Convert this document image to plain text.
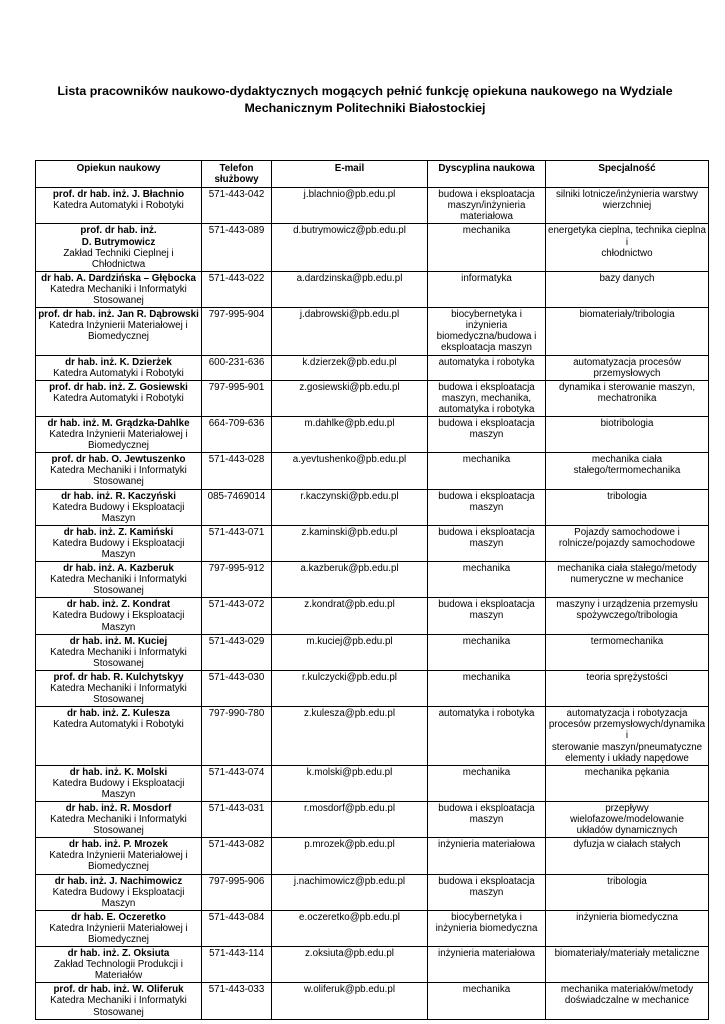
Lista pracowników naukowo-dydaktycznych mogących pełnić funkcję opiekuna naukowego na Wydziale
Mechanicznym Politechniki Białostockiej
Opiekun naukowy	Telefon służbowy	E-mail	Dyscyplina naukowa	Specjalność

prof. dr hab. inż. J. Błachnio
Katedra Automatyki i Robotyki	571-443-042	j.blachnio@pb.edu.pl	budowa i eksploatacja
maszyn/inżynieria
materiałowa	silniki lotnicze/inżynieria warstwy
wierzchniej

prof. dr hab. inż.
D. Butrymowicz
Zakład Techniki Cieplnej i Chłodnictwa	571-443-089	d.butrymowicz@pb.edu.pl	mechanika	energetyka cieplna, technika cieplna i
chłodnictwo

dr hab. A. Dardzińska – Głębocka
Katedra Mechaniki i Informatyki
Stosowanej	571-443-022	a.dardzinska@pb.edu.pl	informatyka	bazy danych

prof. dr hab. inż. Jan R. Dąbrowski
Katedra Inżynierii Materiałowej i
Biomedycznej	797-995-904	j.dabrowski@pb.edu.pl	biocybernetyka i
inżynieria
biomedyczna/budowa i
eksploatacja maszyn	biomateriały/tribologia

dr hab. inż. K. Dzierżek
Katedra Automatyki i Robotyki	600-231-636	k.dzierzek@pb.edu.pl	automatyka i robotyka	automatyzacja procesów
przemysłowych

prof. dr hab. inż. Z. Gosiewski
Katedra Automatyki i Robotyki	797-995-901	z.gosiewski@pb.edu.pl	budowa i eksploatacja
maszyn, mechanika,
automatyka i robotyka	dynamika i sterowanie maszyn,
mechatronika

dr hab. inż. M. Grądzka-Dahlke
Katedra Inżynierii Materiałowej i
Biomedycznej	664-709-636	m.dahlke@pb.edu.pl	budowa i eksploatacja
maszyn	biotribologia

prof. dr hab. O. Jewtuszenko
Katedra Mechaniki i Informatyki
Stosowanej	571-443-028	a.yevtushenko@pb.edu.pl	mechanika	mechanika ciała
stałego/termomechanika

dr hab. inż. R. Kaczyński
Katedra Budowy i Eksploatacji Maszyn	085-7469014	r.kaczynski@pb.edu.pl	budowa i eksploatacja
maszyn	tribologia

dr hab. inż. Z. Kamiński
Katedra Budowy i Eksploatacji Maszyn	571-443-071	z.kaminski@pb.edu.pl	budowa i eksploatacja
maszyn	Pojazdy samochodowe i
rolnicze/pojazdy samochodowe

dr hab. inż. A. Kazberuk
Katedra Mechaniki i Informatyki
Stosowanej	797-995-912	a.kazberuk@pb.edu.pl	mechanika	mechanika ciała stałego/metody
numeryczne w mechanice

dr hab. inż. Z. Kondrat
Katedra Budowy i Eksploatacji Maszyn	571-443-072	z.kondrat@pb.edu.pl	budowa i eksploatacja
maszyn	maszyny i urządzenia przemysłu
spożywczego/tribologia

dr hab. inż. M. Kuciej
Katedra Mechaniki i Informatyki
Stosowanej	571-443-029	m.kuciej@pb.edu.pl	mechanika	termomechanika

prof. dr hab. R. Kulchytskyy
Katedra Mechaniki i Informatyki
Stosowanej	571-443-030	r.kulczycki@pb.edu.pl	mechanika	teoria sprężystości

dr hab. inż. Z. Kulesza
Katedra Automatyki i Robotyki	797-990-780	z.kulesza@pb.edu.pl	automatyka i robotyka	automatyzacja i robotyzacja
procesów przemysłowych/dynamika i
sterowanie maszyn/pneumatyczne
elementy i układy napędowe

dr hab. inż. K. Molski
Katedra Budowy i Eksploatacji Maszyn	571-443-074	k.molski@pb.edu.pl	mechanika	mechanika pękania

dr hab. inż. R. Mosdorf
Katedra Mechaniki i Informatyki
Stosowanej	571-443-031	r.mosdorf@pb.edu.pl	budowa i eksploatacja
maszyn	przepływy wielofazowe/modelowanie
układów dynamicznych

dr hab. inż. P. Mrozek
Katedra Inżynierii Materiałowej i
Biomedycznej	571-443-082	p.mrozek@pb.edu.pl	inżynieria materiałowa	dyfuzja w ciałach stałych

dr hab. inż. J. Nachimowicz
Katedra Budowy i Eksploatacji Maszyn	797-995-906	j.nachimowicz@pb.edu.pl	budowa i eksploatacja
maszyn	tribologia

dr hab. E. Oczeretko
Katedra Inżynierii Materiałowej i
Biomedycznej	571-443-084	e.oczeretko@pb.edu.pl	biocybernetyka i
inżynieria biomedyczna	inżynieria biomedyczna

dr hab. inż. Z. Oksiuta
Zakład Technologii Produkcji i
Materiałów	571-443-114	z.oksiuta@pb.edu.pl	inżynieria materiałowa	biomateriały/materiały metaliczne

prof. dr hab. inż. W. Oliferuk
Katedra Mechaniki i Informatyki
Stosowanej	571-443-033	w.oliferuk@pb.edu.pl	mechanika	mechanika materiałów/metody
doświadczalne w mechanice
